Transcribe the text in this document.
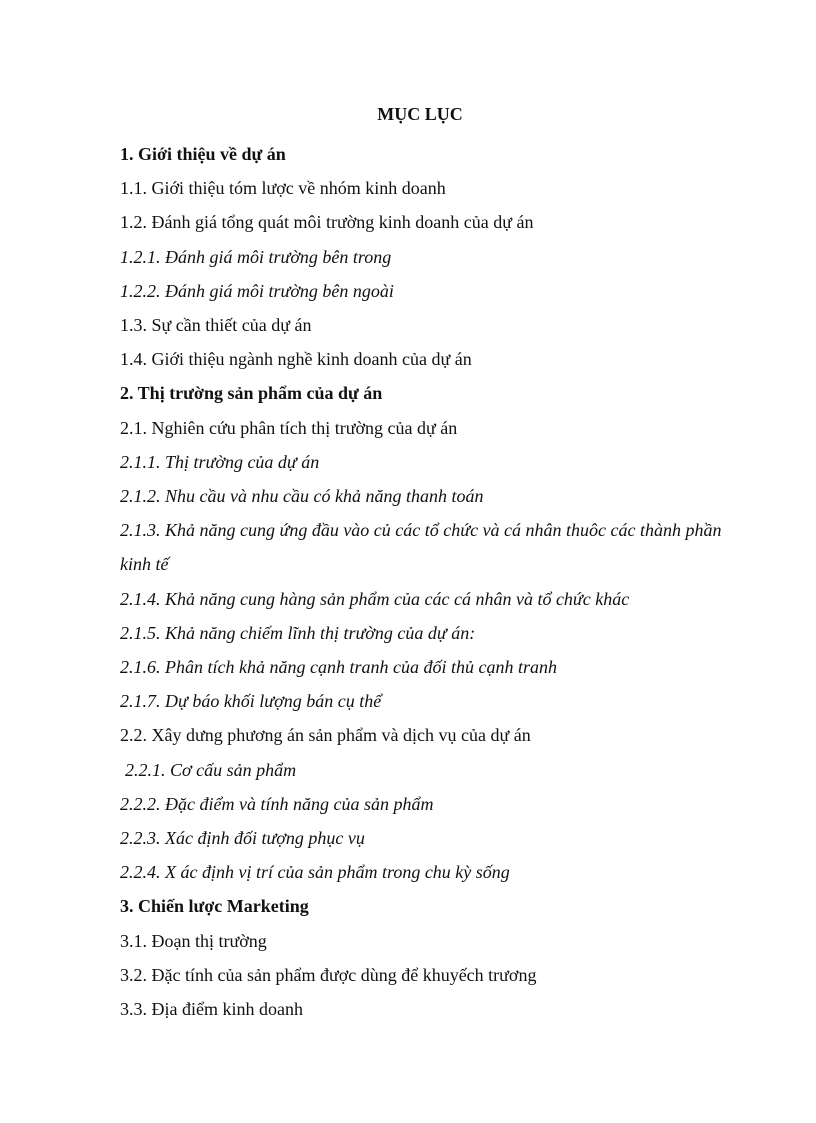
MỤC LỤC
1. Giới thiệu về dự án
1.1. Giới thiệu tóm lược về nhóm kinh doanh
1.2. Đánh giá tổng quát môi trường kinh doanh của dự án
1.2.1. Đánh giá môi trường bên trong
1.2.2. Đánh giá môi trường bên ngoài
1.3. Sự cần thiết của dự án
1.4. Giới thiệu ngành nghề kinh doanh của dự án
2. Thị trường sản phẩm của dự án
2.1. Nghiên cứu phân tích thị trường của dự án
2.1.1. Thị trường của dự án
2.1.2. Nhu cầu và nhu cầu có khả năng thanh toán
2.1.3. Khả năng cung ứng đầu vào củ các tổ chức và cá nhân thuôc các thành phần kinh tế
2.1.4. Khả năng cung hàng sản phẩm của các cá nhân và tổ chức khác
2.1.5. Khả năng chiếm lĩnh thị trường của dự án:
2.1.6. Phân tích khả năng cạnh tranh của đối thủ cạnh tranh
2.1.7. Dự báo khối lượng bán cụ thể
2.2. Xây dưng phương án sản phẩm và dịch vụ của dự án
2.2.1. Cơ cấu sản phẩm
2.2.2. Đặc điểm và tính năng của sản phẩm
2.2.3. Xác định đối tượng phục vụ
2.2.4. X ác định vị trí của sản phẩm trong chu kỳ sống
3. Chiến lược Marketing
3.1. Đoạn thị trường
3.2. Đặc tính của sản phẩm được dùng để khuyếch trương
3.3. Địa điểm kinh doanh
